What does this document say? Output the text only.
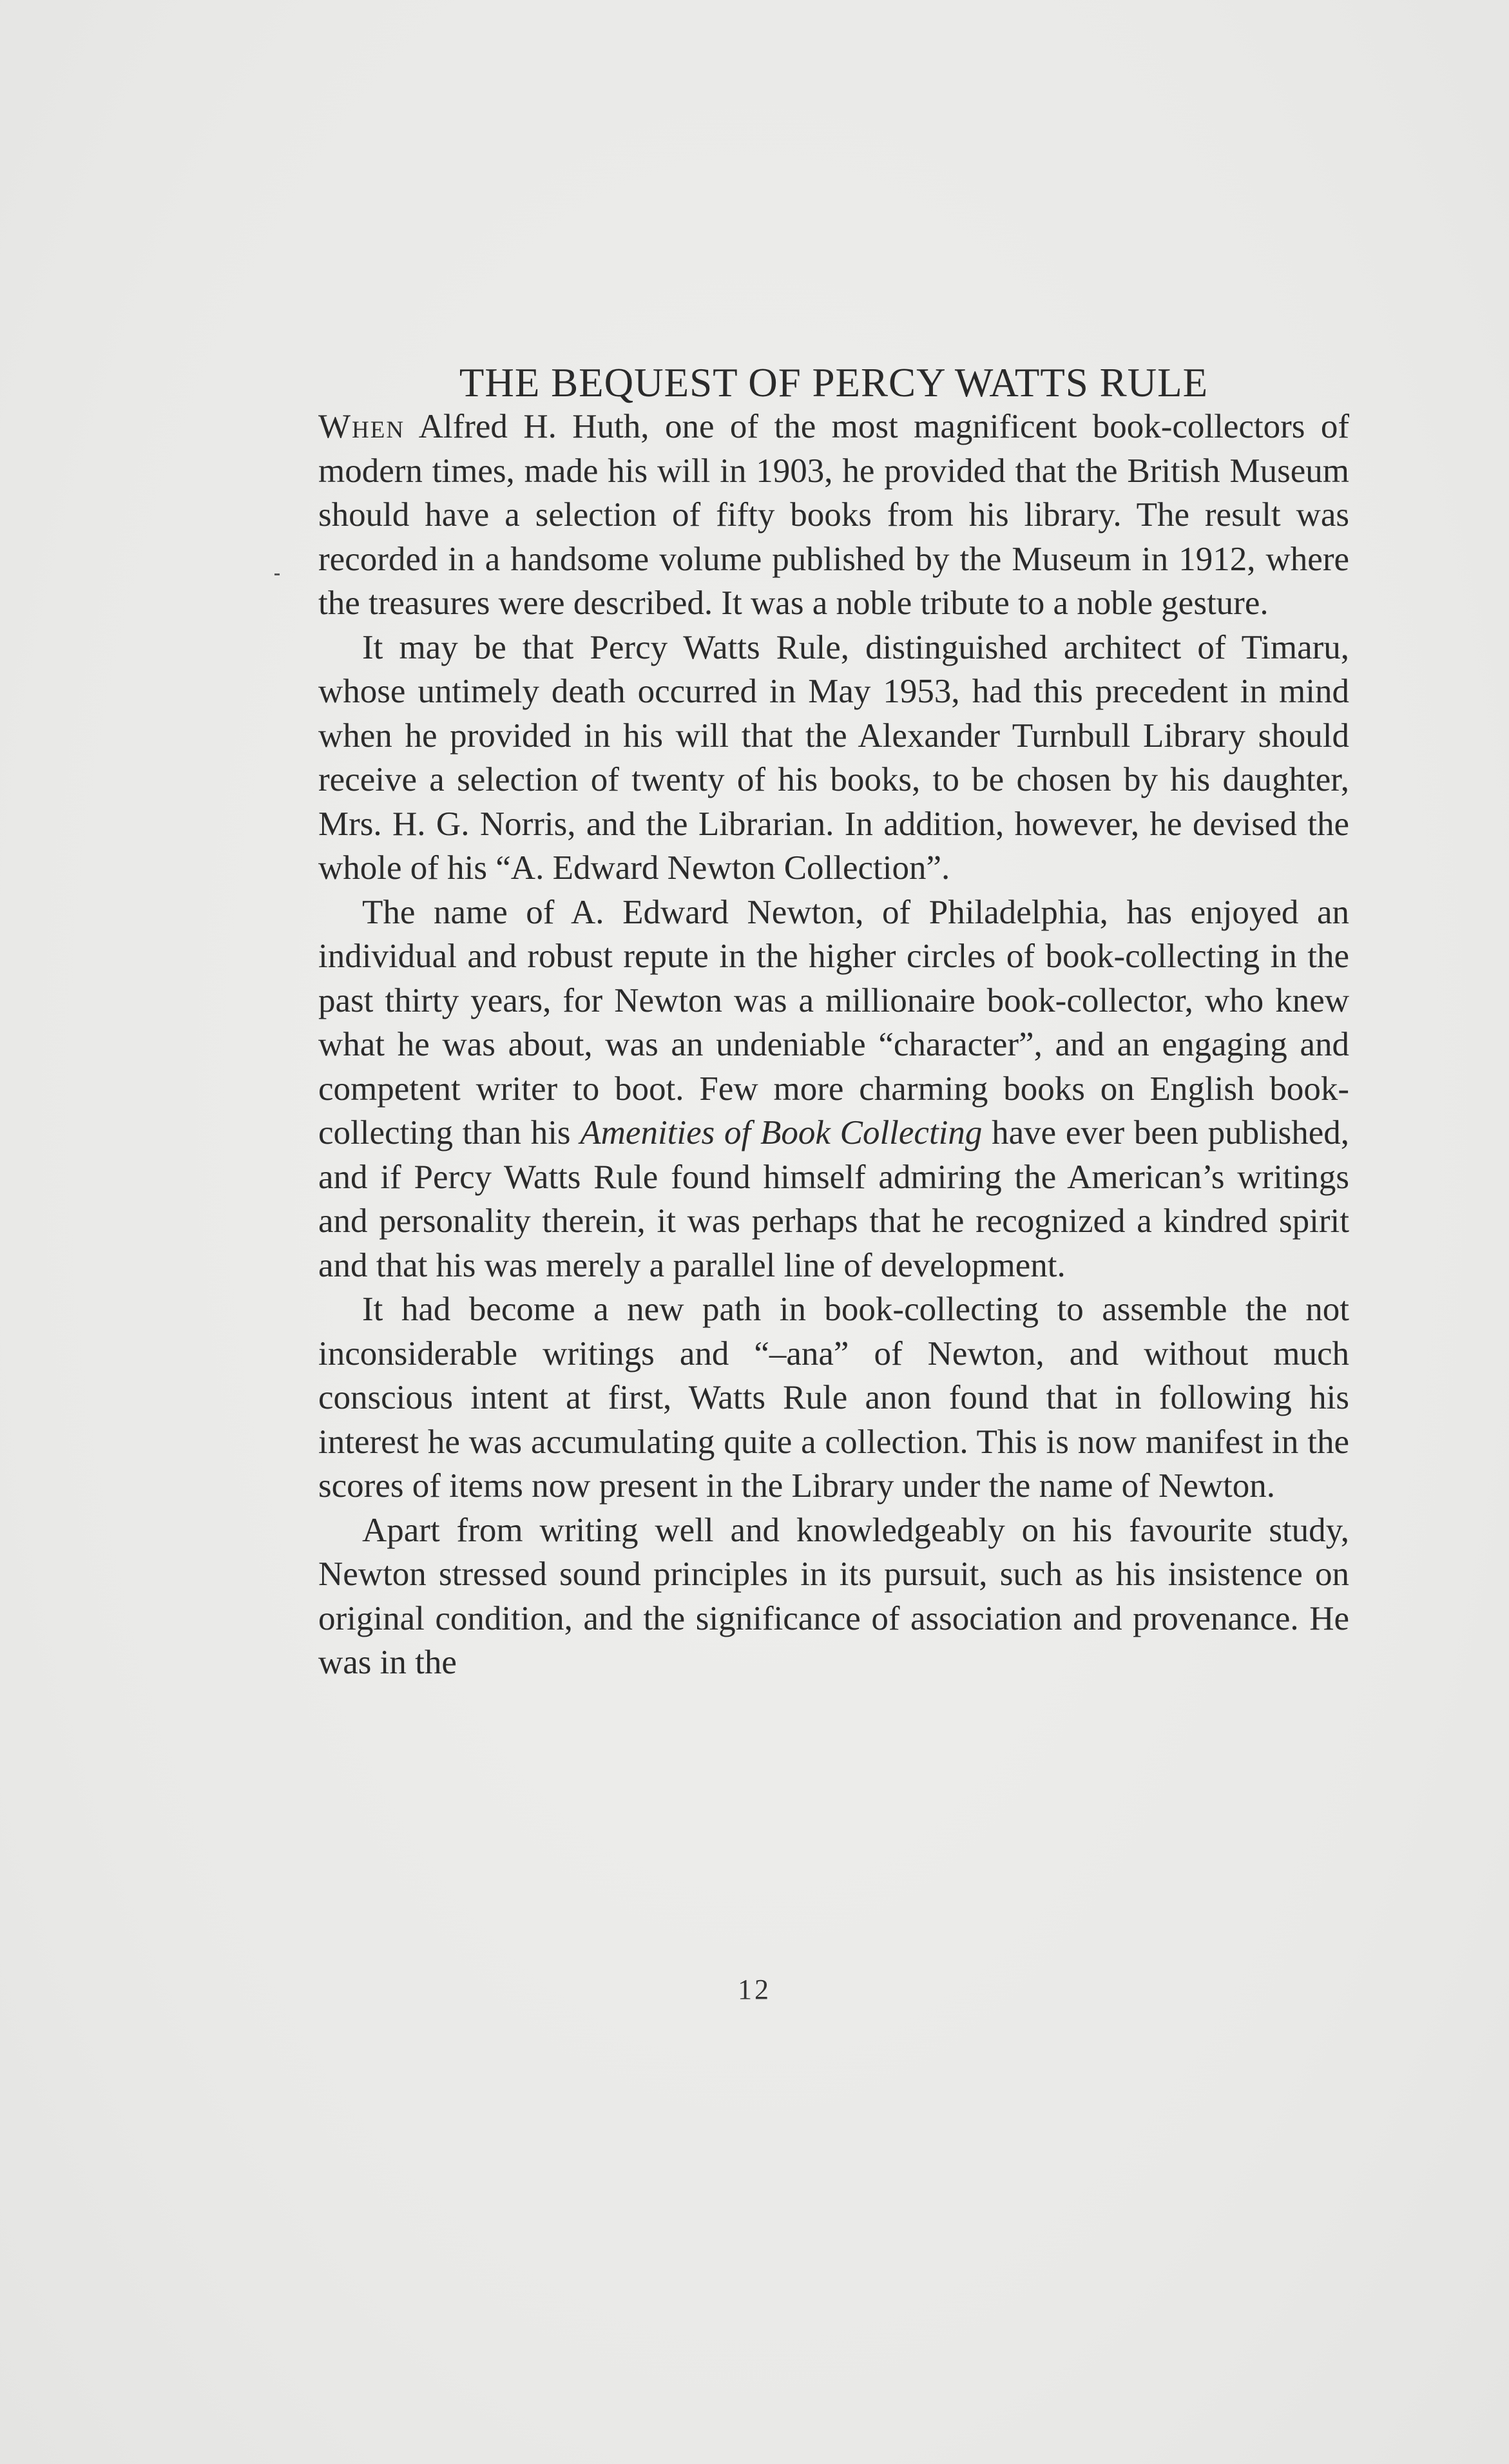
THE BEQUEST OF PERCY WATTS RULE

When Alfred H. Huth, one of the most magnificent book-collectors of modern times, made his will in 1903, he provided that the British Museum should have a selection of fifty books from his library. The result was recorded in a handsome volume published by the Museum in 1912, where the treasures were described. It was a noble tribute to a noble gesture.

It may be that Percy Watts Rule, distinguished architect of Timaru, whose untimely death occurred in May 1953, had this precedent in mind when he provided in his will that the Alexander Turnbull Library should receive a selection of twenty of his books, to be chosen by his daughter, Mrs. H. G. Norris, and the Librarian. In addition, however, he devised the whole of his “A. Edward Newton Collection”.

The name of A. Edward Newton, of Philadelphia, has enjoyed an individual and robust repute in the higher circles of book-collecting in the past thirty years, for Newton was a millionaire book-collector, who knew what he was about, was an undeniable “character”, and an engaging and competent writer to boot. Few more charming books on English book-collecting than his Amenities of Book Collecting have ever been published, and if Percy Watts Rule found himself admiring the American’s writings and personality therein, it was perhaps that he recognized a kindred spirit and that his was merely a parallel line of development.

It had become a new path in book-collecting to assemble the not inconsiderable writings and “–ana” of Newton, and without much conscious intent at first, Watts Rule anon found that in following his interest he was accumulating quite a collection. This is now manifest in the scores of items now present in the Library under the name of Newton.

Apart from writing well and knowledgeably on his favourite study, Newton stressed sound principles in its pursuit, such as his insistence on original condition, and the significance of association and provenance. He was in the

12
